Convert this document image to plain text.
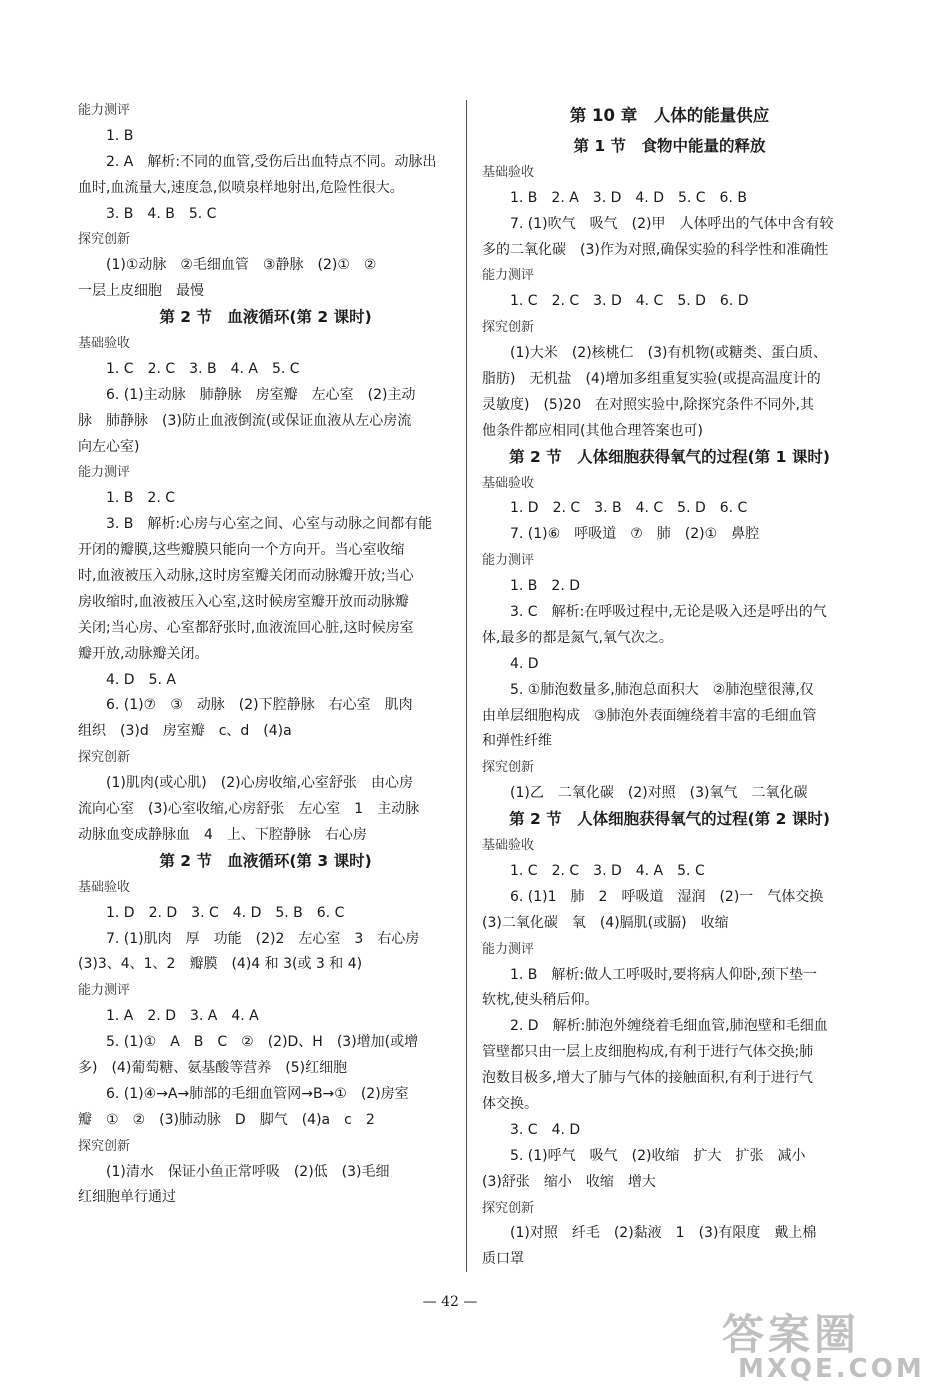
能力测评
1. B
2. A　解析:不同的血管,受伤后出血特点不同。动脉出
血时,血流量大,速度急,似喷泉样地射出,危险性很大。
3. B　4. B　5. C
探究创新
(1)①动脉　②毛细血管　③静脉　(2)①　②
一层上皮细胞　最慢
第 2 节　血液循环(第 2 课时)
基础验收
1. C　2. C　3. B　4. A　5. C
6. (1)主动脉　肺静脉　房室瓣　左心室　(2)主动
脉　肺静脉　(3)防止血液倒流(或保证血液从左心房流
向左心室)
能力测评
1. B　2. C
3. B　解析:心房与心室之间、心室与动脉之间都有能
开闭的瓣膜,这些瓣膜只能向一个方向开。当心室收缩
时,血液被压入动脉,这时房室瓣关闭而动脉瓣开放;当心
房收缩时,血液被压入心室,这时候房室瓣开放而动脉瓣
关闭;当心房、心室都舒张时,血液流回心脏,这时候房室
瓣开放,动脉瓣关闭。
4. D　5. A
6. (1)⑦　③　动脉　(2)下腔静脉　右心室　肌肉
组织　(3)d　房室瓣　c、d　(4)a
探究创新
(1)肌肉(或心肌)　(2)心房收缩,心室舒张　由心房
流向心室　(3)心室收缩,心房舒张　左心室　1　主动脉
动脉血变成静脉血　4　上、下腔静脉　右心房
第 2 节　血液循环(第 3 课时)
基础验收
1. D　2. D　3. C　4. D　5. B　6. C
7. (1)肌肉　厚　功能　(2)2　左心室　3　右心房
(3)3、4、1、2　瓣膜　(4)4 和 3(或 3 和 4)
能力测评
1. A　2. D　3. A　4. A
5. (1)①　A　B　C　②　(2)D、H　(3)增加(或增
多)　(4)葡萄糖、氨基酸等营养　(5)红细胞
6. (1)④→A→肺部的毛细血管网→B→①　(2)房室
瓣　①　②　(3)肺动脉　D　脚气　(4)a　c　2
探究创新
(1)清水　保证小鱼正常呼吸　(2)低　(3)毛细
红细胞单行通过
第 10 章　人体的能量供应
第 1 节　食物中能量的释放
基础验收
1. B　2. A　3. D　4. D　5. C　6. B
7. (1)吹气　吸气　(2)甲　人体呼出的气体中含有较
多的二氧化碳　(3)作为对照,确保实验的科学性和准确性
能力测评
1. C　2. C　3. D　4. C　5. D　6. D
探究创新
(1)大米　(2)核桃仁　(3)有机物(或糖类、蛋白质、
脂肪)　无机盐　(4)增加多组重复实验(或提高温度计的
灵敏度)　(5)20　在对照实验中,除探究条件不同外,其
他条件都应相同(其他合理答案也可)
第 2 节　人体细胞获得氧气的过程(第 1 课时)
基础验收
1. D　2. C　3. B　4. C　5. D　6. C
7. (1)⑥　呼吸道　⑦　肺　(2)①　鼻腔
能力测评
1. B　2. D
3. C　解析:在呼吸过程中,无论是吸入还是呼出的气
体,最多的都是氮气,氧气次之。
4. D
5. ①肺泡数量多,肺泡总面积大　②肺泡壁很薄,仅
由单层细胞构成　③肺泡外表面缠绕着丰富的毛细血管
和弹性纤维
探究创新
(1)乙　二氧化碳　(2)对照　(3)氧气　二氧化碳
第 2 节　人体细胞获得氧气的过程(第 2 课时)
基础验收
1. C　2. C　3. D　4. A　5. C
6. (1)1　肺　2　呼吸道　湿润　(2)一　气体交换
(3)二氧化碳　氧　(4)膈肌(或膈)　收缩
能力测评
1. B　解析:做人工呼吸时,要将病人仰卧,颈下垫一
软枕,使头稍后仰。
2. D　解析:肺泡外缠绕着毛细血管,肺泡壁和毛细血
管壁都只由一层上皮细胞构成,有利于进行气体交换;肺
泡数目极多,增大了肺与气体的接触面积,有利于进行气
体交换。
3. C　4. D
5. (1)呼气　吸气　(2)收缩　扩大　扩张　减小
(3)舒张　缩小　收缩　增大
探究创新
(1)对照　纤毛　(2)黏液　1　(3)有限度　戴上棉
质口罩
— 42 —
答案圈
MXQE.COM
